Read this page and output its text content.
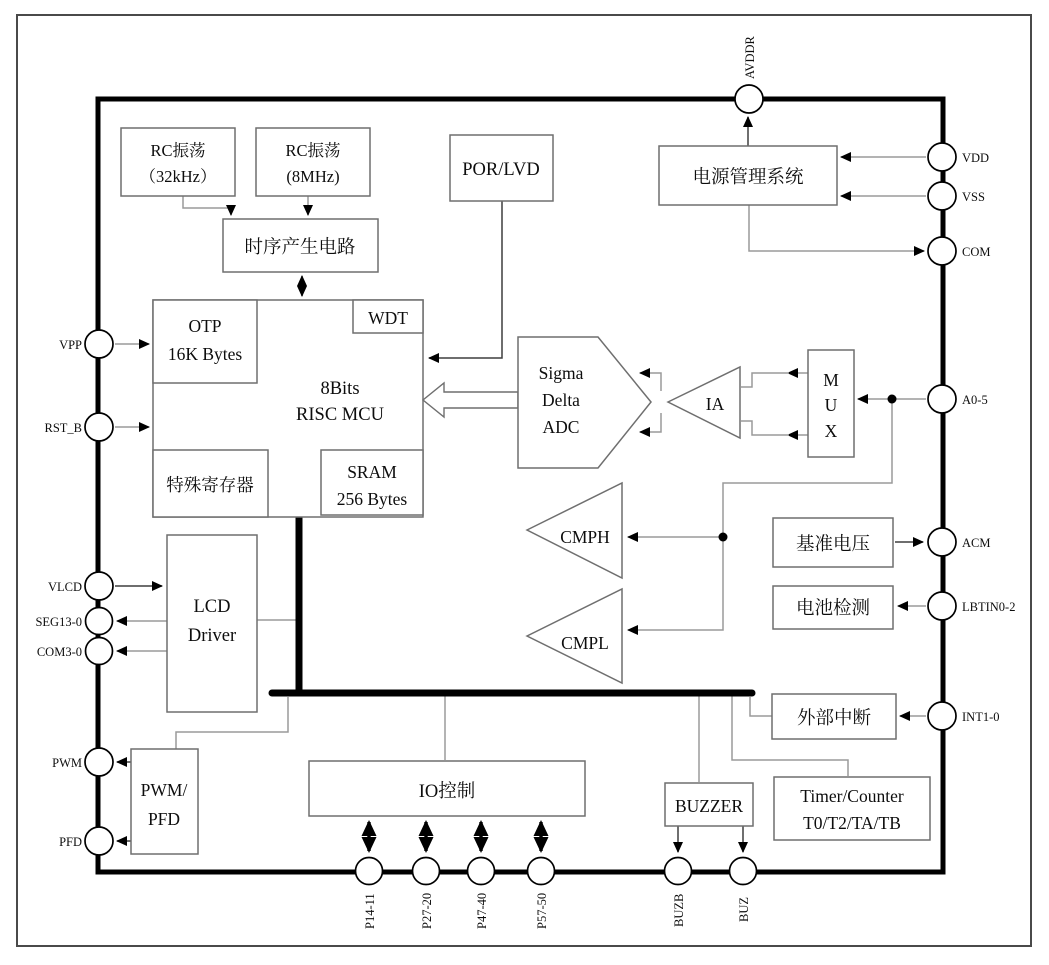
RC振荡
（32kHz）
RC振荡
(8MHz)
时序产生电路
POR/LVD	电源管理系统
8Bits
RISC MCU
OTP
16K Bytes
WDT
特殊寄存器
SRAM
256 Bytes
Sigma
Delta
ADC
IA
M
U
X
CMPH
CMPL
基准电压
电池检测
外部中断
LCD
Driver
PWM/
PFD
IO控制
BUZZER	Timer/Counter
T0/T2/TA/TB
AVDDR
VDD
VSS
COM
A0-5
ACM
LBTIN0-2
INT1-0
VPP
RST_B
VLCD
SEG13-0
COM3-0
PWM
PFD
P14-11	P27-20	P47-40	P57-50	BUZB	BUZ
